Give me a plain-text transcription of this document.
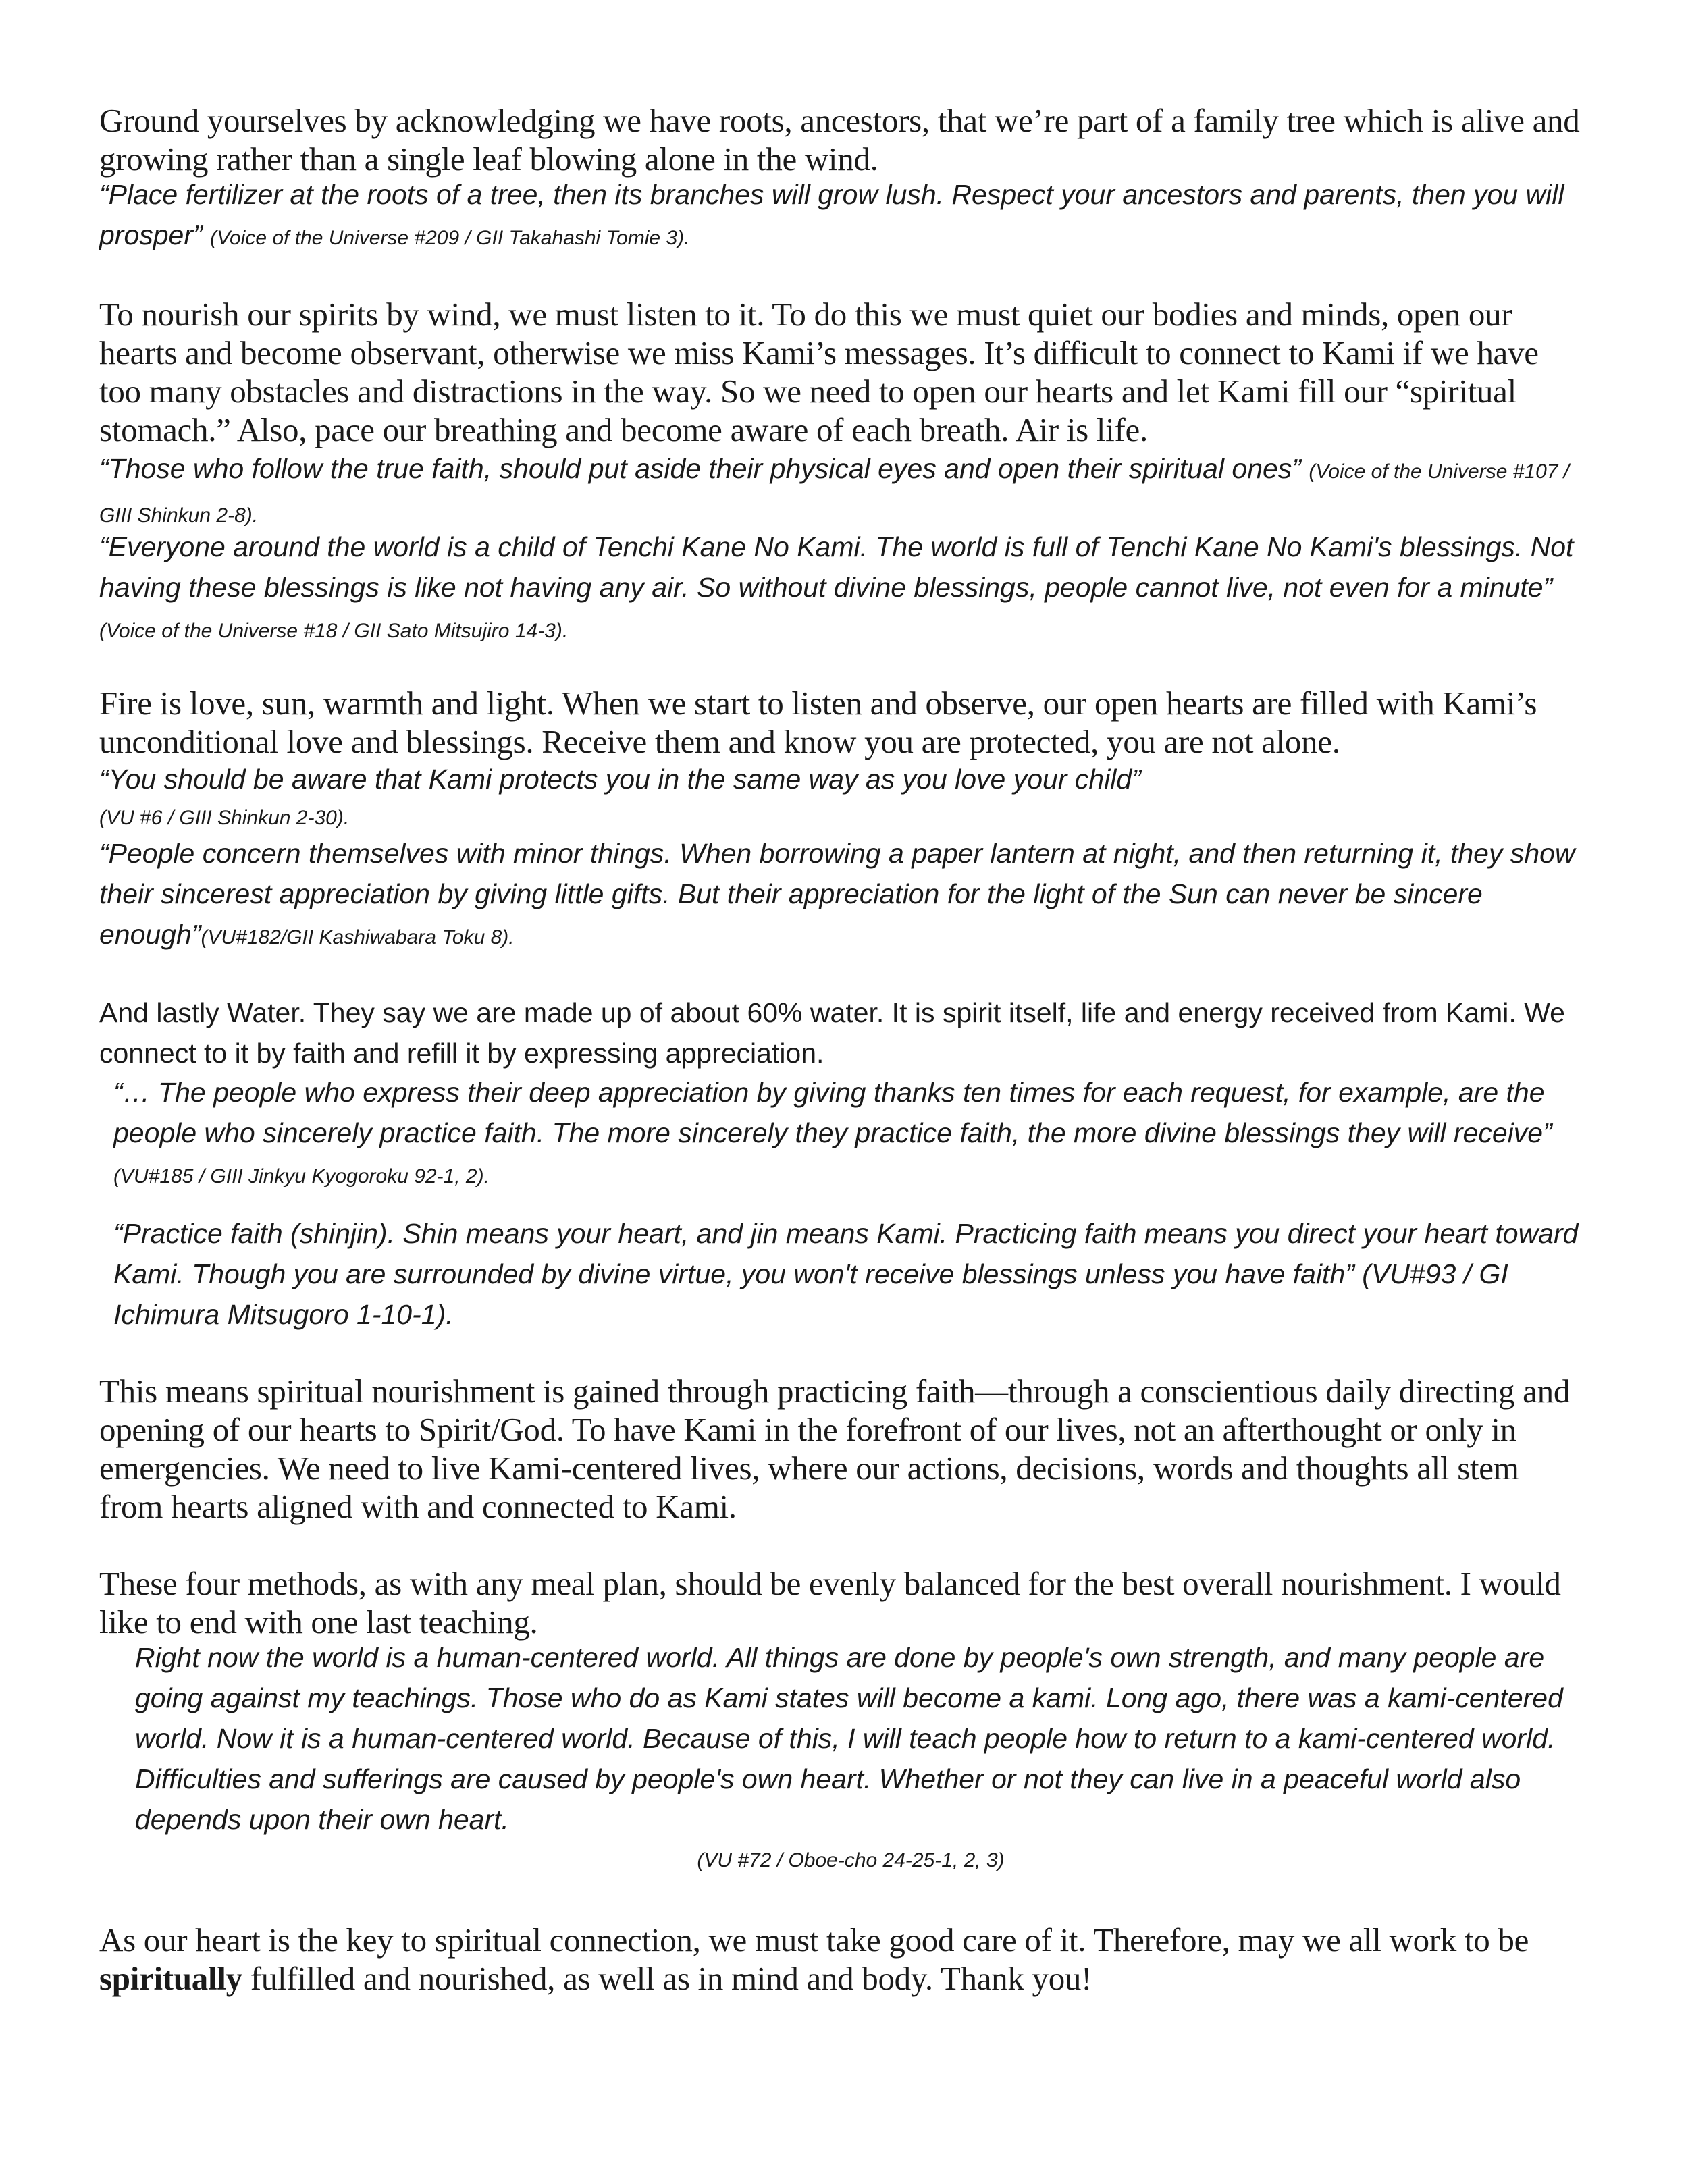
Ground yourselves by acknowledging we have roots, ancestors, that we’re part of a family tree which is alive and growing rather than a single leaf blowing alone in the wind.

“Place fertilizer at the roots of a tree, then its branches will grow lush. Respect your ancestors and parents, then you will prosper” (Voice of the Universe #209 / GII Takahashi Tomie 3).

To nourish our spirits by wind, we must listen to it. To do this we must quiet our bodies and minds, open our hearts and become observant, otherwise we miss Kami’s messages. It’s difficult to connect to Kami if we have too many obstacles and distractions in the way. So we need to open our hearts and let Kami fill our “spiritual stomach.” Also, pace our breathing and become aware of each breath. Air is life.

“Those who follow the true faith, should put aside their physical eyes and open their spiritual ones” (Voice of the Universe #107 / GIII Shinkun 2-8).

“Everyone around the world is a child of Tenchi Kane No Kami. The world is full of Tenchi Kane No Kami's blessings. Not having these blessings is like not having any air. So without divine blessings, people cannot live, not even for a minute” (Voice of the Universe #18 / GII Sato Mitsujiro 14-3).

Fire is love, sun, warmth and light. When we start to listen and observe, our open hearts are filled with Kami’s unconditional love and blessings. Receive them and know you are protected, you are not alone.

“You should be aware that Kami protects you in the same way as you love your child”

(VU #6 / GIII Shinkun 2-30).

“People concern themselves with minor things. When borrowing a paper lantern at night, and then returning it, they show their sincerest appreciation by giving little gifts. But their appreciation for the light of the Sun can never be sincere enough”(VU#182/GII Kashiwabara Toku 8).

And lastly Water. They say we are made up of about 60% water. It is spirit itself, life and energy received from Kami. We connect to it by faith and refill it by expressing appreciation.

“… The people who express their deep appreciation by giving thanks ten times for each request, for example, are the people who sincerely practice faith. The more sincerely they practice faith, the more divine blessings they will receive” (VU#185 / GIII Jinkyu Kyogoroku 92-1, 2).

“Practice faith (shinjin). Shin means your heart, and jin means Kami. Practicing faith means you direct your heart toward Kami. Though you are surrounded by divine virtue, you won't receive blessings unless you have faith” (VU#93 / GI Ichimura Mitsugoro 1-10-1).

This means spiritual nourishment is gained through practicing faith—through a conscientious daily directing and opening of our hearts to Spirit/God. To have Kami in the forefront of our lives, not an afterthought or only in emergencies. We need to live Kami-centered lives, where our actions, decisions, words and thoughts all stem from hearts aligned with and connected to Kami.

These four methods, as with any meal plan, should be evenly balanced for the best overall nourishment. I would like to end with one last teaching.

Right now the world is a human-centered world. All things are done by people's own strength, and many people are going against my teachings. Those who do as Kami states will become a kami. Long ago, there was a kami-centered world. Now it is a human-centered world. Because of this, I will teach people how to return to a kami-centered world. Difficulties and sufferings are caused by people's own heart. Whether or not they can live in a peaceful world also depends upon their own heart.

(VU #72 / Oboe-cho 24-25-1, 2, 3)

As our heart is the key to spiritual connection, we must take good care of it. Therefore, may we all work to be spiritually fulfilled and nourished, as well as in mind and body. Thank you!
